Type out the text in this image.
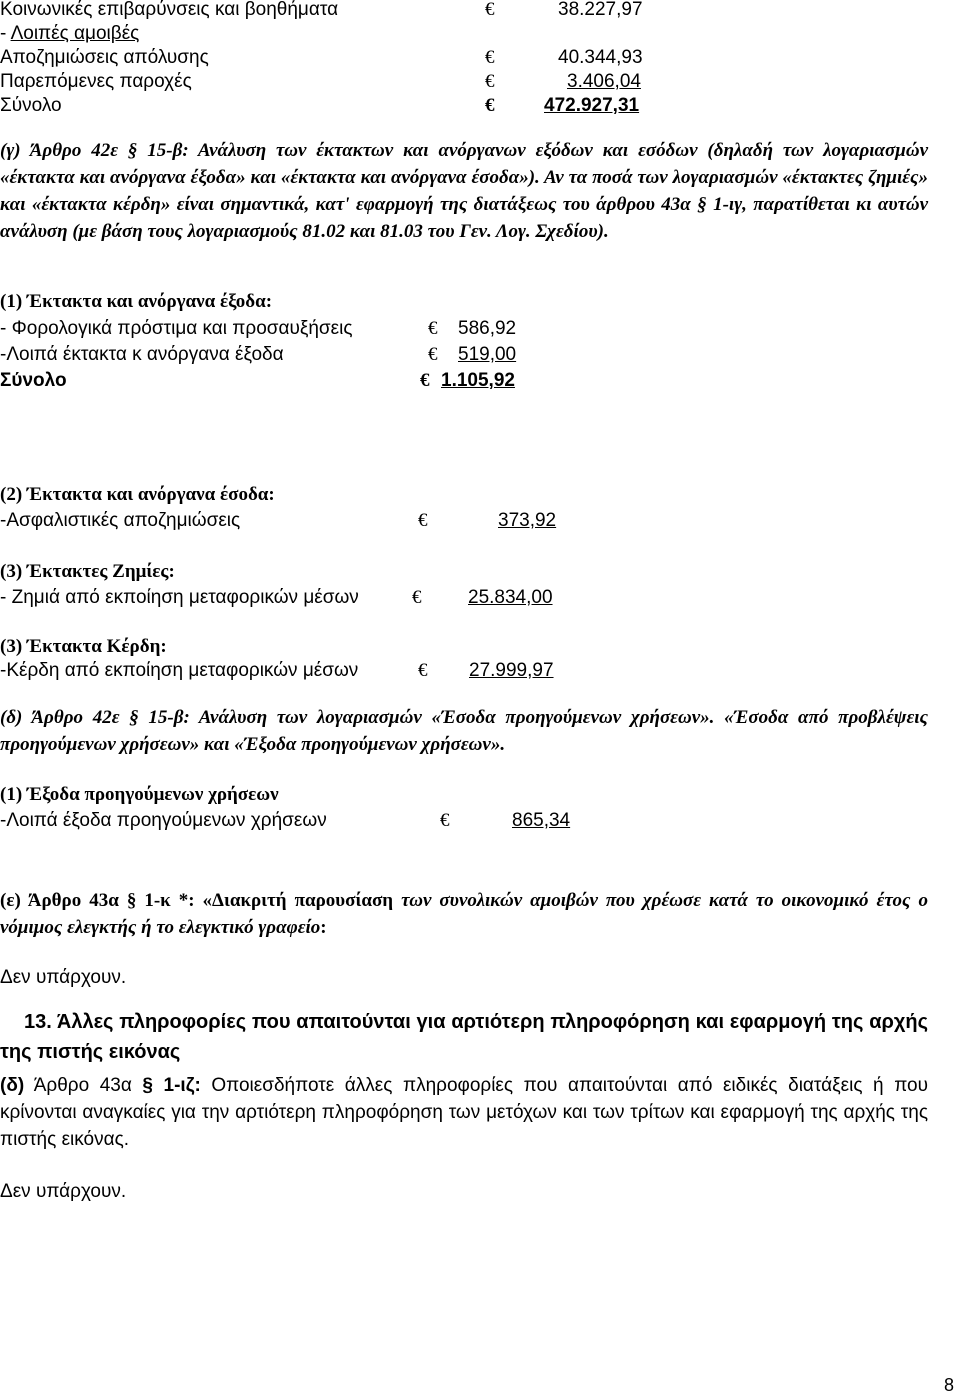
Κοινωνικές επιβαρύνσεις και βοηθήματα	€	38.227,97
- Λοιπές αμοιβές
Αποζημιώσεις απόλυσης	€	40.344,93
Παρεπόμενες παροχές	€	3.406,04
Σύνολο	€	472.927,31
(γ) Άρθρο 42ε § 15-β: Ανάλυση των έκτακτων και ανόργανων εξόδων και εσόδων (δηλαδή των λογαριασμών «έκτακτα και ανόργανα έξοδα» και «έκτακτα και ανόργανα έσοδα»). Αν τα ποσά των λογαριασμών «έκτακτες ζημιές» και «έκτακτα κέρδη» είναι σημαντικά, κατ' εφαρμογή της διατάξεως του άρθρου 43α § 1-ιγ, παρατίθεται κι αυτών ανάλυση (με βάση τους λογαριασμούς 81.02 και 81.03 του Γεν. Λογ. Σχεδίου).
(1) Έκτακτα και ανόργανα έξοδα:
- Φορολογικά πρόστιμα και προσαυξήσεις	€ 586,92
-Λοιπά έκτακτα κ ανόργανα έξοδα	€ 519,00
Σύνολο	€ 1.105,92
(2) Έκτακτα και ανόργανα έσοδα:
-Ασφαλιστικές αποζημιώσεις	€	373,92
(3) Έκτακτες Ζημίες:
- Ζημιά από εκποίηση μεταφορικών μέσων	€ 25.834,00
(3) Έκτακτα Κέρδη:
-Κέρδη από εκποίηση μεταφορικών μέσων	€ 27.999,97
(δ) Άρθρο 42ε § 15-β: Ανάλυση των λογαριασμών «Έσοδα προηγούμενων χρήσεων». «Έσοδα από προβλέψεις προηγούμενων χρήσεων» και «Έξοδα προηγούμενων χρήσεων».
(1) Έξοδα προηγούμενων χρήσεων
-Λοιπά έξοδα προηγούμενων χρήσεων	€	865,34
(ε) Άρθρο 43α § 1-κ *: «Διακριτή παρουσίαση των συνολικών αμοιβών που χρέωσε κατά το οικονομικό έτος ο νόμιμος ελεγκτής ή το ελεγκτικό γραφείο:
Δεν υπάρχουν.
13. Άλλες πληροφορίες που απαιτούνται για αρτιότερη πληροφόρηση και εφαρμογή της αρχής της πιστής εικόνας
(δ) Άρθρο 43α § 1-ιζ: Οποιεσδήποτε άλλες πληροφορίες που απαιτούνται από ειδικές διατάξεις ή που κρίνονται αναγκαίες για την αρτιότερη πληροφόρηση των μετόχων και των τρίτων και εφαρμογή της αρχής της πιστής εικόνας.
Δεν υπάρχουν.
8
